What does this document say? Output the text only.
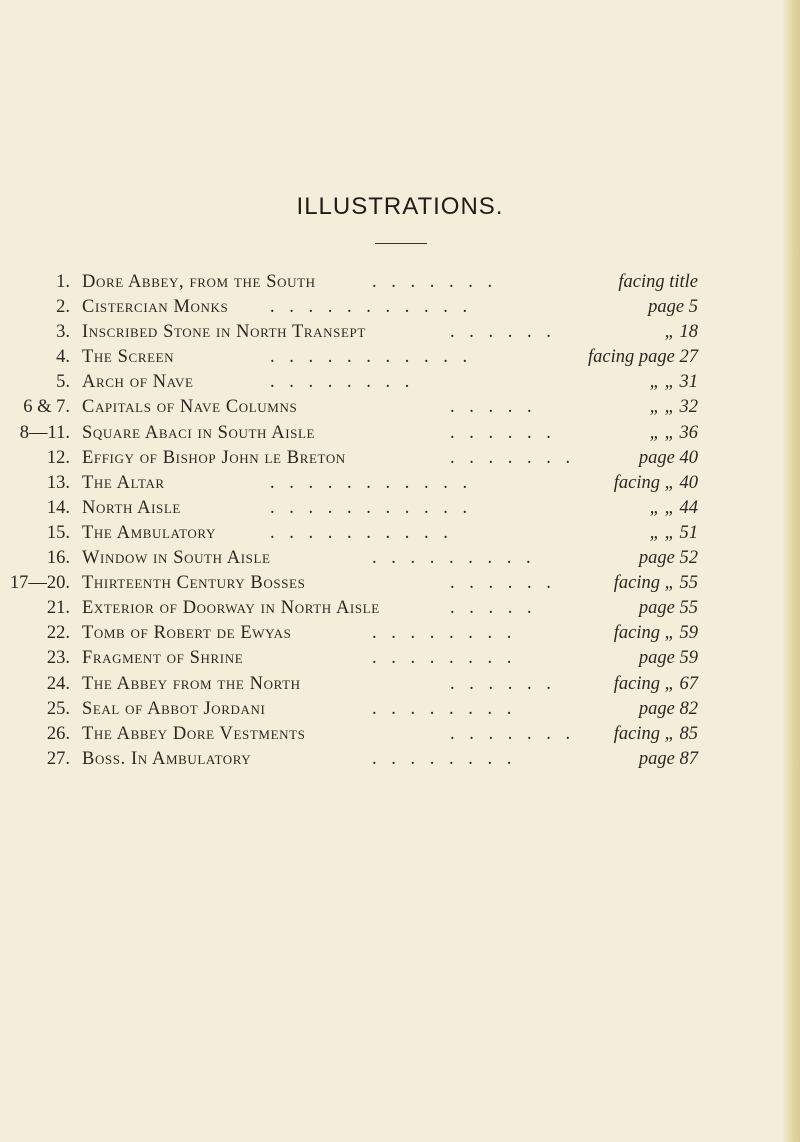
ILLUSTRATIONS.
1. Dore Abbey, from the South	. . . . . . .	facing title
2. Cistercian Monks . . . . . . . . . . .	page 5
3. Inscribed Stone in North Transept	. . . . . .	„ 18
4. The Screen	. . . . . . . . . . .	facing page 27
5. Arch of Nave	. . . . . . . .	„ „ 31
6 & 7. Capitals of Nave Columns	. . . . .	„ „ 32
8—11. Square Abaci in South Aisle	. . . . . .	„ „ 36
12. Effigy of Bishop John le Breton	. . . . . . .	page 40
13. The Altar	. . . . . . . . . . .	facing „ 40
14. North Aisle	. . . . . . . . . . .	„ „ 44
15. The Ambulatory	. . . . . . . . . .	„ „ 51
16. Window in South Aisle	. . . . . . . . .	page 52
17—20. Thirteenth Century Bosses	. . . . . .	facing „ 55
21. Exterior of Doorway in North Aisle	. . . . .	page 55
22. Tomb of Robert de Ewyas	. . . . . . . .	facing „ 59
23. Fragment of Shrine	. . . . . . . .	page 59
24. The Abbey from the North	. . . . . .	facing „ 67
25. Seal of Abbot Jordani	. . . . . . . .	page 82
26. The Abbey Dore Vestments	. . . . . . .	facing „ 85
27. Boss. In Ambulatory	. . . . . . . .	page 87
